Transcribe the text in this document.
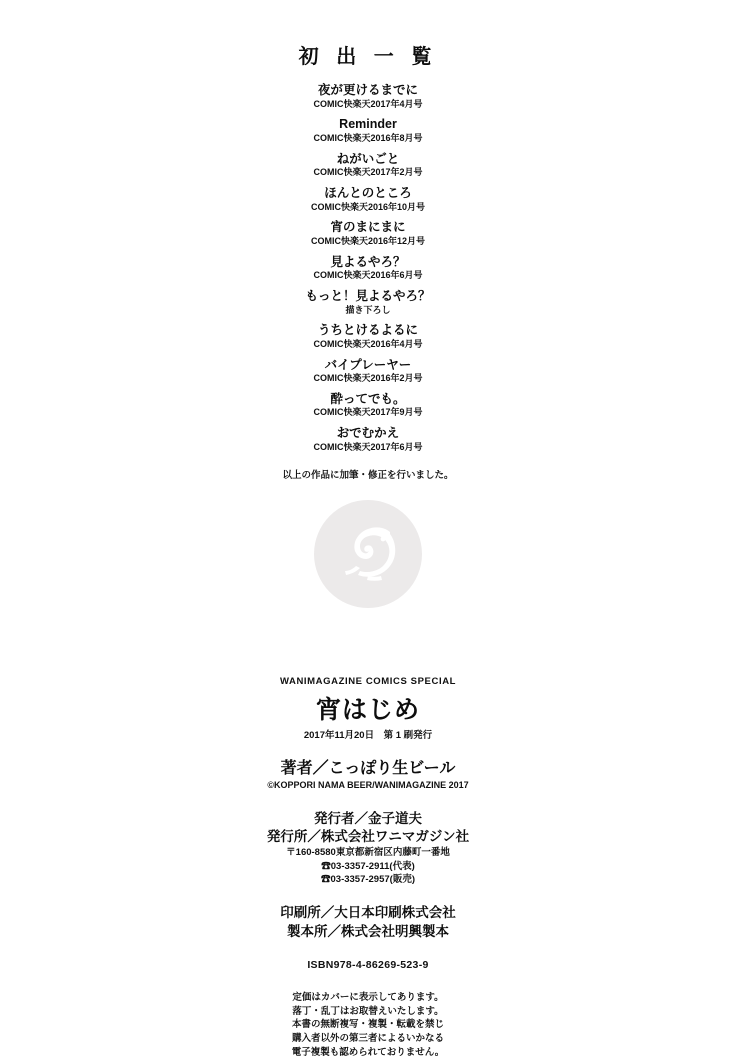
初 出 一 覧
夜が更けるまでに
COMIC快楽天2017年4月号
Reminder
COMIC快楽天2016年8月号
ねがいごと
COMIC快楽天2017年2月号
ほんとのところ
COMIC快楽天2016年10月号
宵のまにまに
COMIC快楽天2016年12月号
見よるやろ？
COMIC快楽天2016年6月号
もっと！見よるやろ？
描き下ろし
うちとけるよるに
COMIC快楽天2016年4月号
バイプレーヤー
COMIC快楽天2016年2月号
酔ってでも。
COMIC快楽天2017年9月号
おでむかえ
COMIC快楽天2017年6月号
以上の作品に加筆・修正を行いました。
WANIMAGAZINE COMICS SPECIAL
宵はじめ
2017年11月20日　第 1 刷発行
著者／こっぽり生ビール
©KOPPORI NAMA BEER/WANIMAGAZINE 2017
発行者／金子道夫
発行所／株式会社ワニマガジン社
〒160-8580東京都新宿区内藤町一番地
☎03-3357-2911(代表)
☎03-3357-2957(販売)
印刷所／大日本印刷株式会社
製本所／株式会社明興製本
ISBN978-4-86269-523-9
定価はカバーに表示してあります。
落丁・乱丁はお取替えいたします。
本書の無断複写・複製・転載を禁じ
購入者以外の第三者によるいかなる
電子複製も認められておりません。
